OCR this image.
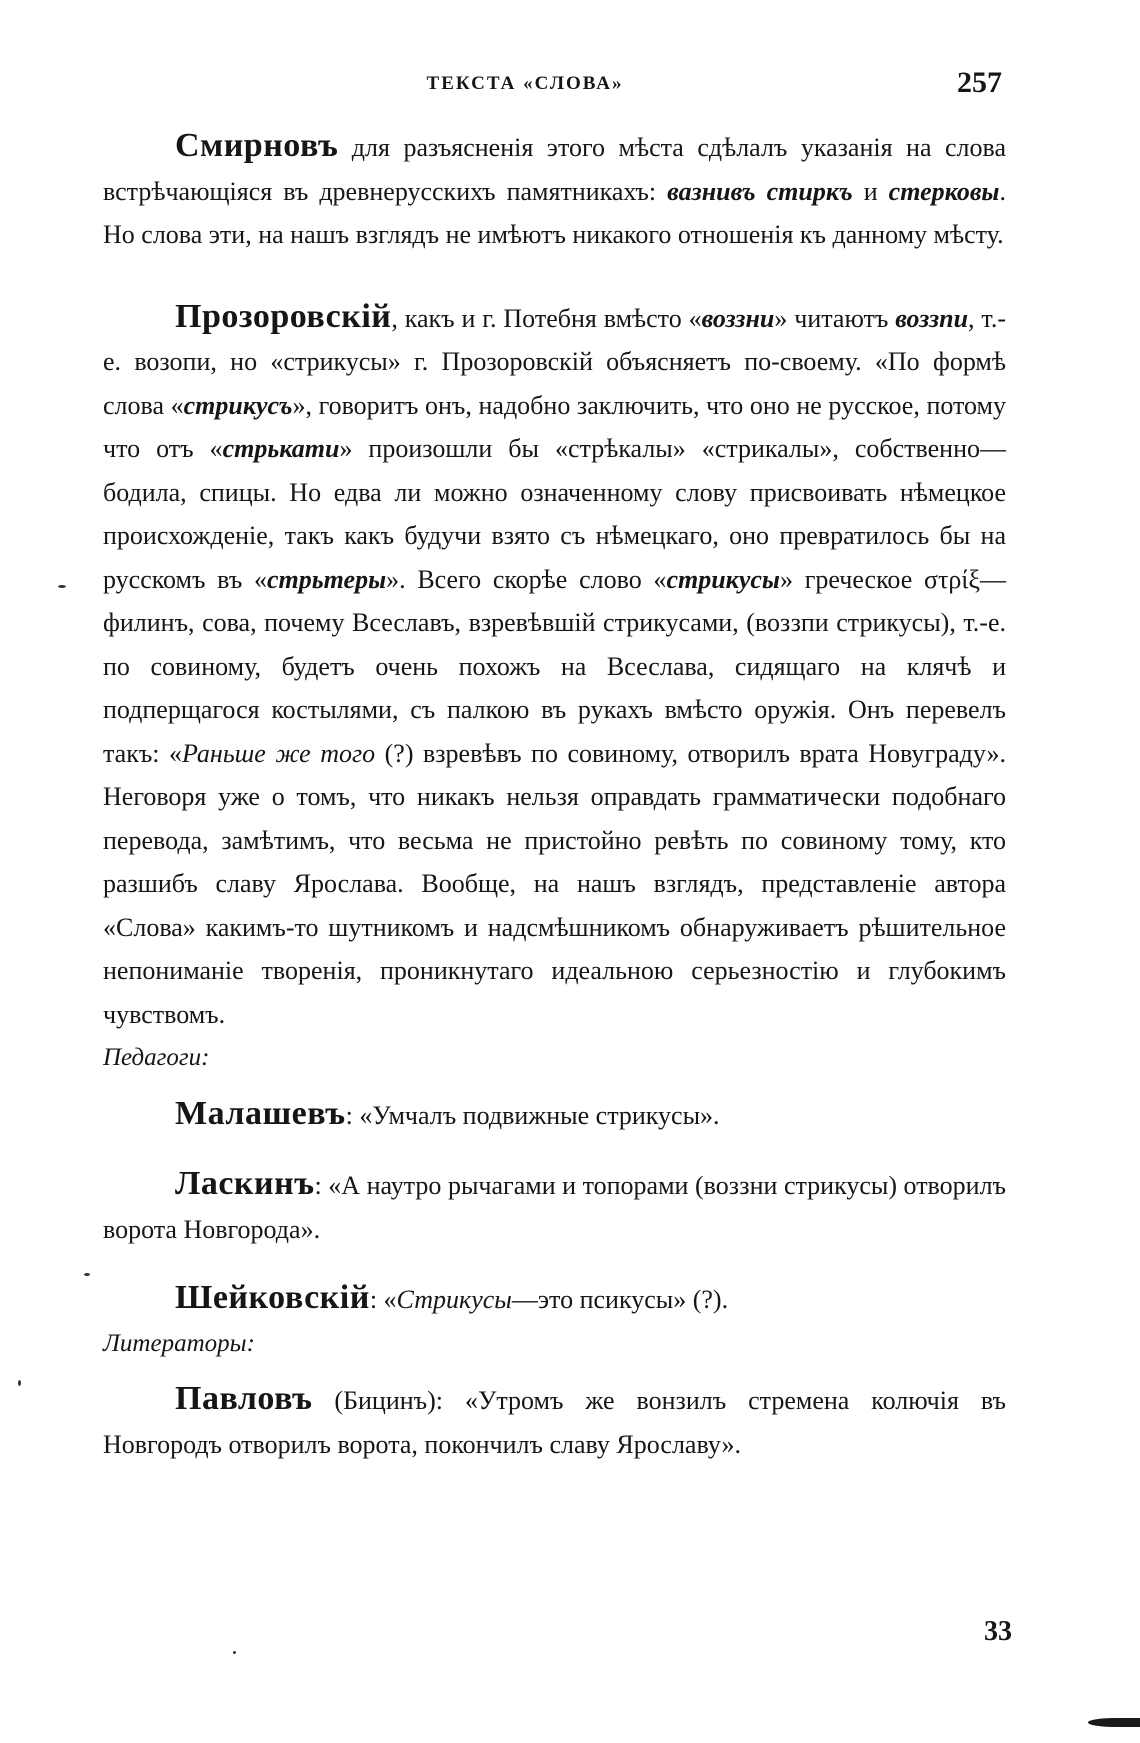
ТЕКСТА «СЛОВА»	257

Смирновъ для разъясненія этого мѣста сдѣлалъ указанія на слова встрѣчающіяся въ древнерусскихъ памятникахъ: вазнивъ стиркъ и стерковы. Но слова эти, на нашъ взглядъ не имѣютъ никакого отношенія къ данному мѣсту.

Прозоровскій, какъ и г. Потебня вмѣсто «воззни» читаютъ воззпи, т.-е. возопи, но «стрикусы» г. Прозоровскій объясняетъ по-своему. «По формѣ слова «стрикусъ», говоритъ онъ, надобно заключить, что оно не русское, потому что отъ «стрькати» произошли бы «стрѣкалы» «стрикалы», собственно—бодила, спицы. Но едва ли можно означенному слову присвоивать нѣмецкое происхожденіе, такъ какъ будучи взято съ нѣмецкаго, оно превратилось бы на русскомъ въ «стрьтеры». Всего скорѣе слово «стрикусы» греческое στρίξ—филинъ, сова, почему Всеславъ, взревѣвшій стрикусами, (воззпи стрикусы), т.-е. по совиному, будетъ очень похожъ на Всеслава, сидящаго на клячѣ и подперщагося костылями, съ палкою въ рукахъ вмѣсто оружія. Онъ перевелъ такъ: «Раньше же того (?) взревѣвъ по совиному, отворилъ врата Новуграду». Неговоря уже о томъ, что никакъ нельзя оправдать грамматически подобнаго перевода, замѣтимъ, что весьма не пристойно ревѣть по совиному тому, кто разшибъ славу Ярослава. Вообще, на нашъ взглядъ, представленіе автора «Слова» какимъ-то шутникомъ и надсмѣшникомъ обнаруживаетъ рѣшительное непониманіе творенія, проникнутаго идеальною серьезностію и глубокимъ чувствомъ.

Педагоги:

Малашевъ: «Умчалъ подвижные стрикусы».

Ласкинъ: «А наутро рычагами и топорами (воззни стрикусы) отворилъ ворота Новгорода».

Шейковскій: «Стрикусы—это псикусы» (?).

Литераторы:

Павловъ (Бицинъ): «Утромъ же вонзилъ стремена колючія въ Новгородъ отворилъ ворота, покончилъ славу Ярославу».

33
